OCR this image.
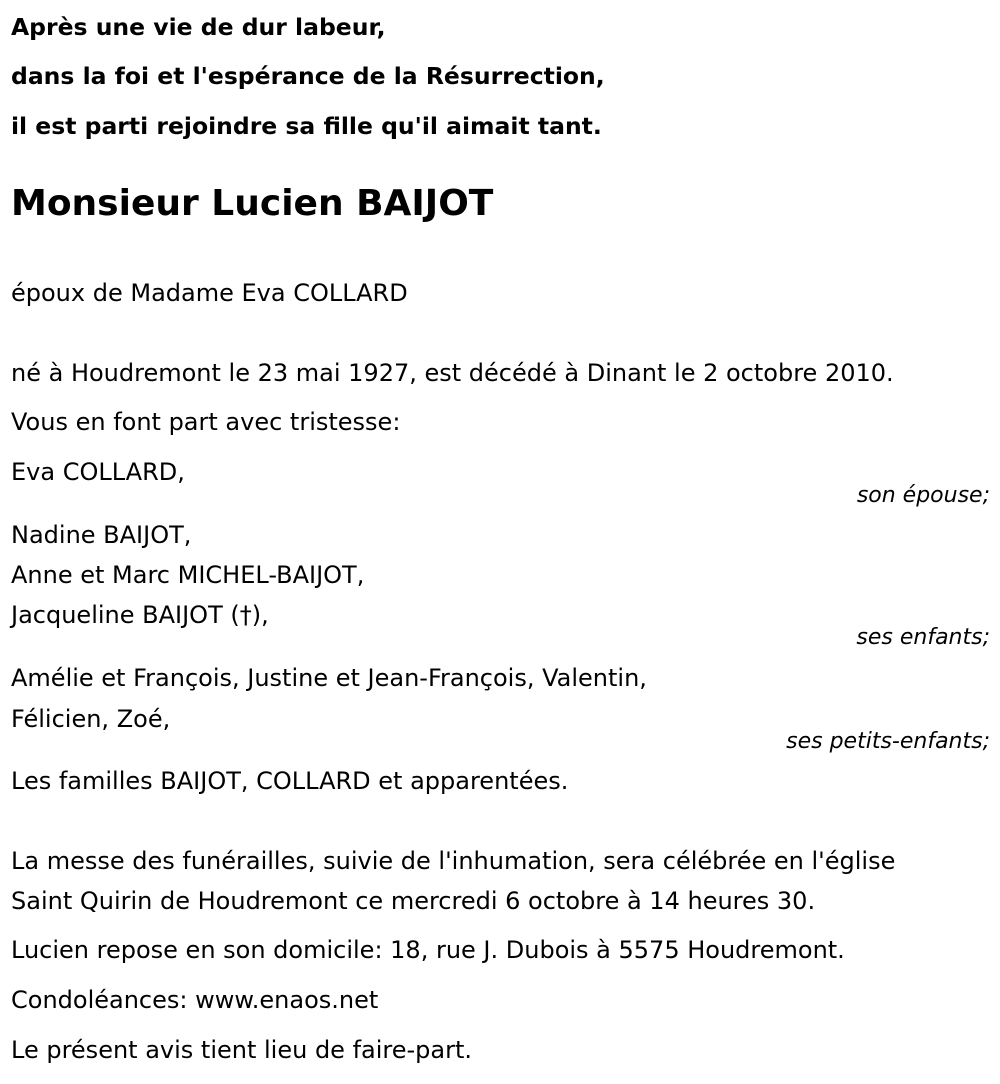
Après une vie de dur labeur,
dans la foi et l'espérance de la Résurrection,
il est parti rejoindre sa fille qu'il aimait tant.
Monsieur Lucien BAIJOT
époux de Madame Eva COLLARD
né à Houdremont le 23 mai 1927, est décédé à Dinant le 2 octobre 2010.
Vous en font part avec tristesse:
Eva COLLARD,
son épouse;
Nadine BAIJOT,
Anne et Marc MICHEL-BAIJOT,
Jacqueline BAIJOT (†),
ses enfants;
Amélie et François, Justine et Jean-François, Valentin,
Félicien, Zoé,
ses petits-enfants;
Les familles BAIJOT, COLLARD et apparentées.
La messe des funérailles, suivie de l'inhumation, sera célébrée en l'église
Saint Quirin de Houdremont ce mercredi 6 octobre à 14 heures 30.
Lucien repose en son domicile: 18, rue J. Dubois à 5575 Houdremont.
Condoléances: www.enaos.net
Le présent avis tient lieu de faire-part.
